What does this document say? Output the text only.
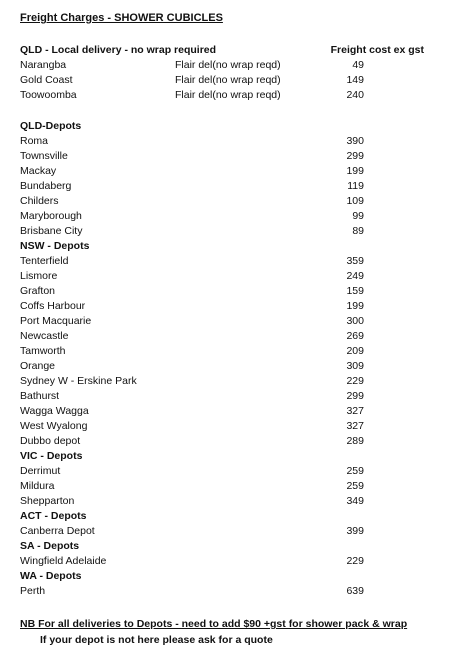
Freight Charges - SHOWER CUBICLES
QLD - Local delivery - no wrap required	Freight cost ex gst
Narangba	Flair del(no wrap reqd)	49
Gold Coast	Flair del(no wrap reqd)	149
Toowoomba	Flair del(no wrap reqd)	240
QLD-Depots
Roma	390
Townsville	299
Mackay	199
Bundaberg	119
Childers	109
Maryborough	99
Brisbane City	89
NSW - Depots
Tenterfield	359
Lismore	249
Grafton	159
Coffs Harbour	199
Port Macquarie	300
Newcastle	269
Tamworth	209
Orange	309
Sydney W - Erskine Park	229
Bathurst	299
Wagga Wagga	327
West Wyalong	327
Dubbo depot	289
VIC - Depots
Derrimut	259
Mildura	259
Shepparton	349
ACT - Depots
Canberra Depot	399
SA - Depots
Wingfield Adelaide	229
WA - Depots
Perth	639
NB For all deliveries to Depots - need to add $90 +gst for shower pack & wrap
If your depot is not here please ask for a quote
